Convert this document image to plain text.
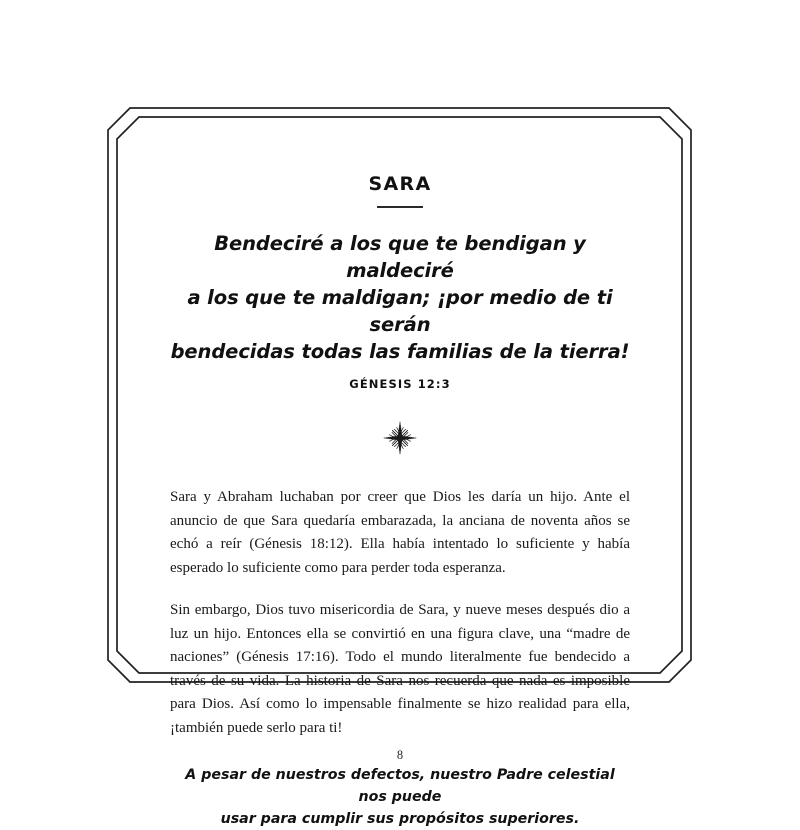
SARA

Bendeciré a los que te bendigan y maldeciré
a los que te maldigan; ¡por medio de ti serán
bendecidas todas las familias de la tierra!

GÉNESIS 12:3

Sara y Abraham luchaban por creer que Dios les daría un hijo. Ante el anuncio de que Sara quedaría embarazada, la anciana de noventa años se echó a reír (Génesis 18:12). Ella había intentado lo suficiente y había esperado lo suficiente como para perder toda esperanza.

Sin embargo, Dios tuvo misericordia de Sara, y nueve meses después dio a luz un hijo. Entonces ella se convirtió en una figura clave, una “madre de naciones” (Génesis 17:16). Todo el mundo literalmente fue bendecido a través de su vida. La historia de Sara nos recuerda que nada es imposible para Dios. Así como lo impensable finalmente se hizo realidad para ella, ¡también puede serlo para ti!

A pesar de nuestros defectos, nuestro Padre celestial nos puede
usar para cumplir sus propósitos superiores.

8
